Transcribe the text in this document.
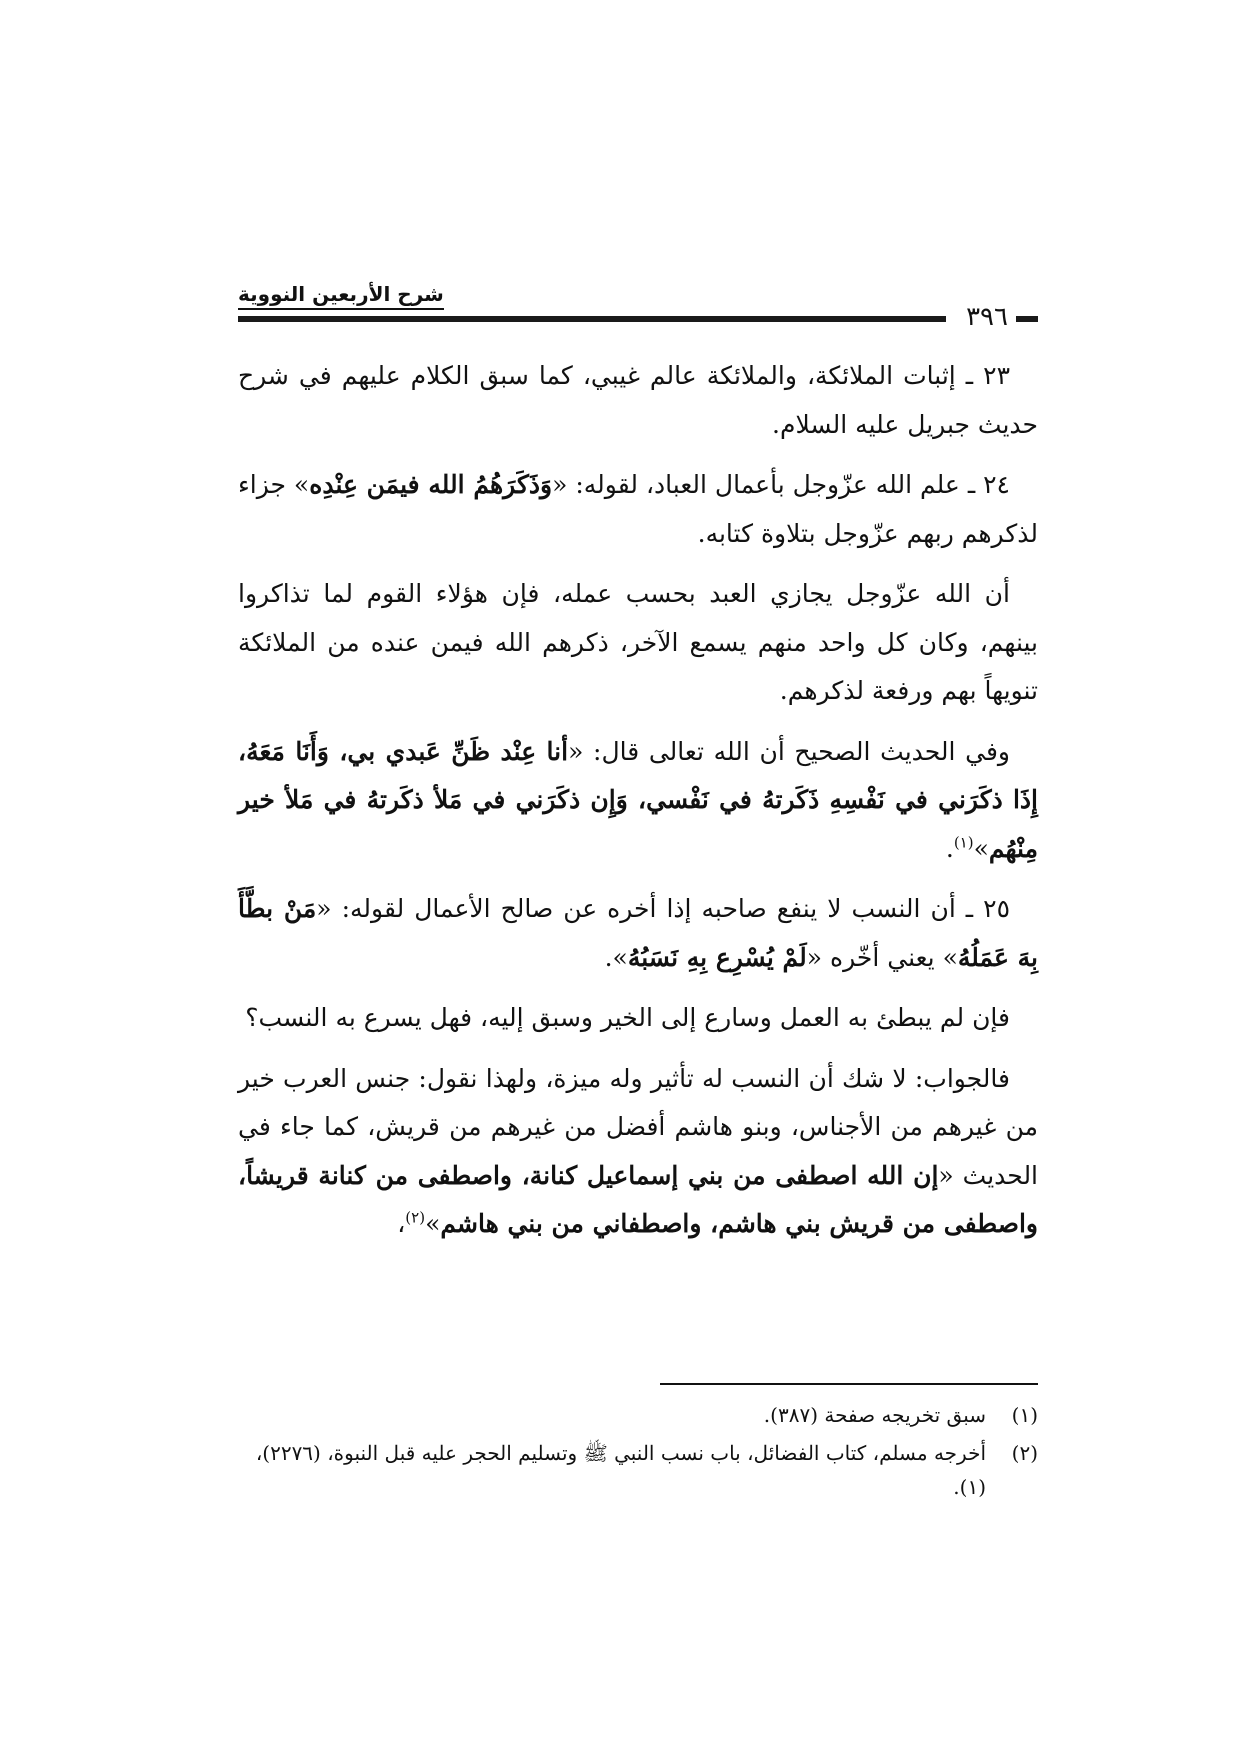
شرح الأربعين النووية
٣٩٦

٢٣ ـ إثبات الملائكة، والملائكة عالم غيبي، كما سبق الكلام عليهم في شرح حديث جبريل عليه السلام.

٢٤ ـ علم الله عزّوجل بأعمال العباد، لقوله: «وَذَكَرَهُمُ الله فيمَن عِنْدِه» جزاء لذكرهم ربهم عزّوجل بتلاوة كتابه.

أن الله عزّوجل يجازي العبد بحسب عمله، فإن هؤلاء القوم لما تذاكروا بينهم، وكان كل واحد منهم يسمع الآخر، ذكرهم الله فيمن عنده من الملائكة تنويهاً بهم ورفعة لذكرهم.

وفي الحديث الصحيح أن الله تعالى قال: «أنا عِنْد ظَنِّ عَبدي بي، وَأَنَا مَعَهُ، إِذَا ذكَرَني في نَفْسِهِ ذَكَرتهُ في نَفْسي، وَإِن ذكَرَني في مَلأ ذكَرتهُ في مَلأ خير مِنْهُم»$^{(١)}$.

٢٥ ـ أن النسب لا ينفع صاحبه إذا أخره عن صالح الأعمال لقوله: «مَنْ بطَّأَ بِهَ عَمَلُهُ» يعني أخّره «لَمْ يُسْرِع بِهِ نَسَبُهُ».

فإن لم يبطئ به العمل وسارع إلى الخير وسبق إليه، فهل يسرع به النسب؟

فالجواب: لا شك أن النسب له تأثير وله ميزة، ولهذا نقول: جنس العرب خير من غيرهم من الأجناس، وبنو هاشم أفضل من غيرهم من قريش، كما جاء في الحديث «إن الله اصطفى من بني إسماعيل كنانة، واصطفى من كنانة قريشاً، واصطفى من قريش بني هاشم، واصطفاني من بني هاشم»$^{(٢)}$،

(١)
سبق تخريجه صفحة (٣٨٧).
(٢)
أخرجه مسلم، كتاب الفضائل، باب نسب النبي ﷺ وتسليم الحجر عليه قبل النبوة، (٢٢٧٦)، (١).
